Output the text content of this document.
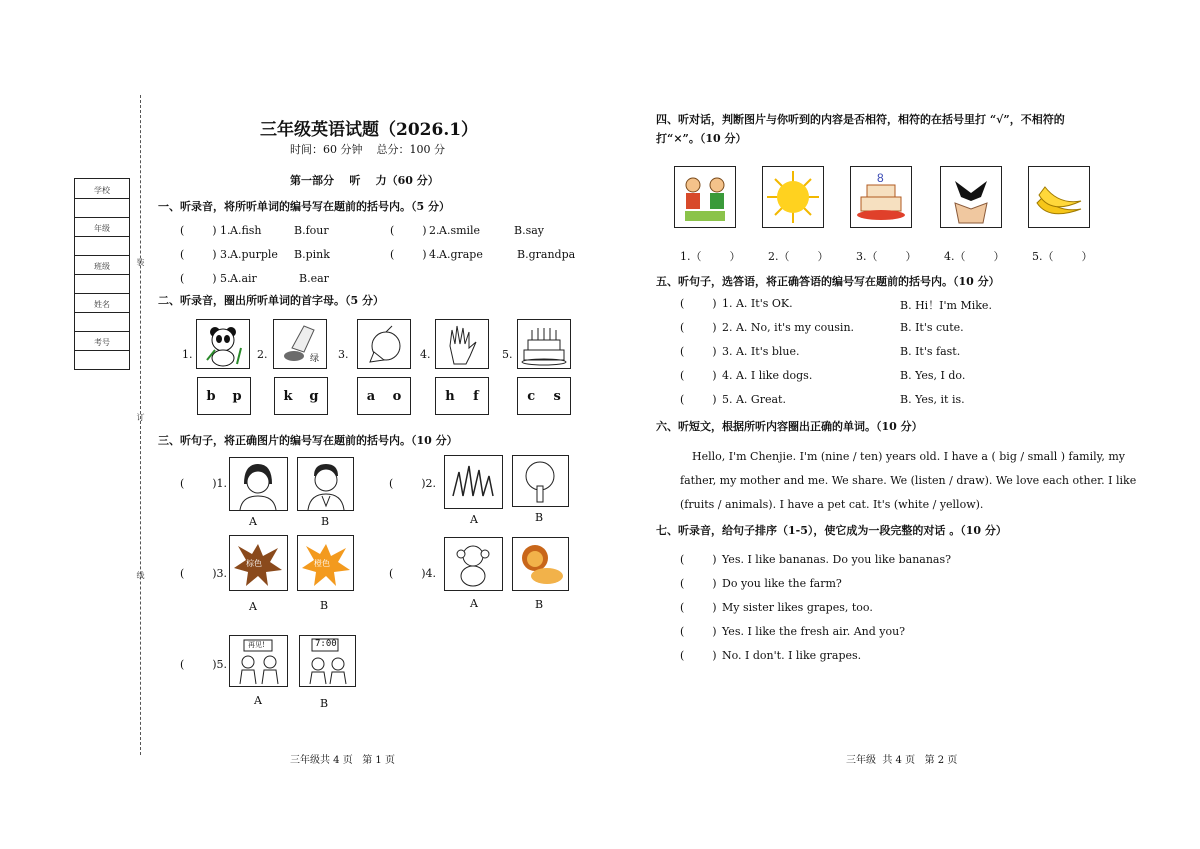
学校
年级
班级
姓名
考号
装
订
线
三年级英语试题（2026.1）
时间：60 分钟    总分：100 分
第一部分    听    力（60 分）
一、听录音，将所听单词的编号写在题前的括号内。（5 分）
(        ) 1. A.fish	B.four	(        ) 2. A.smile	B.say
(        ) 3. A.purple B.pink	(        ) 4. A.grape	B.grandpa
(        ) 5. A.air	B.ear
二、听录音，圈出所听单词的首字母。（5 分）
1.	2.	绿 3.	4.	5.
b p	k g	a o	h f	c s
三、听句子，将正确图片的编号写在题前的括号内。（10 分）
(        )1.
A	B
(        )2.
A	B
(        )3.
棕色	橙色
A	B
(        )4.
A	B
(        )5.
再见!	7:00
A	B
三年级共 4 页   第 1 页
四、听对话，判断图片与你听到的内容是否相符，相符的在括号里打 “√”，不相符的
打“×”。（10 分）
8
1.（        ）	2.（        ）	3.（        ）	4.（        ）	5.（        ）
五、听句子，选答语，将正确答语的编号写在题前的括号内。（10 分）
(        ) 1. A. It's OK.	B. Hi！I'm Mike.
(        ) 2. A. No, it's my cousin.	B. It's cute.
(        ) 3. A. It's blue.	B. It's fast.
(        ) 4. A. I like dogs.	B. Yes, I do.
(        ) 5. A. Great.	B. Yes, it is.
六、听短文，根据所听内容圈出正确的单词。（10 分）
Hello, I'm Chenjie. I'm (nine / ten) years old. I have a ( big / small ) family, my
father, my mother and me. We share. We (listen / draw). We love each other. I like
(fruits / animals). I have a pet cat. It's (white / yellow).
七、听录音，给句子排序（1-5），使它成为一段完整的对话 。（10 分）
(        ) Yes. I like bananas. Do you like bananas?
(        ) Do you like the farm?
(        ) My sister likes grapes, too.
(        ) Yes. I like the fresh air. And you?
(        ) No. I don't. I like grapes.
三年级  共 4 页   第 2 页
